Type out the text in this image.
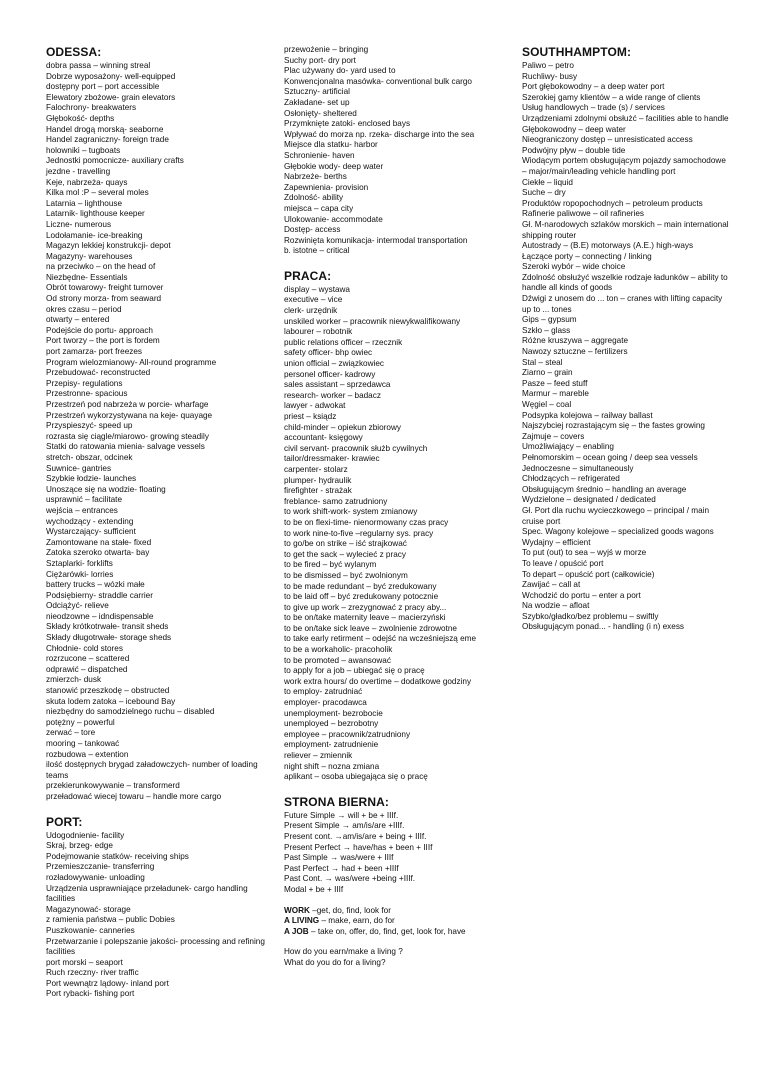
ODESSA:
dobra passa – winning streal
Dobrze wyposażony- well-equipped
dostępny port – port accessible
Elewatory zbożowe- grain elevators
Falochrony- breakwaters
Głębokość- depths
Handel drogą morską- seaborne
Handel zagraniczny- foreign trade
holowniki – tugboats
Jednostki pomocnicze- auxiliary crafts
jezdne - travelling
Keje, nabrzeża- quays
Kilka mol :P – several moles
Latarnia – lighthouse
Latarnik- lighthouse keeper
Liczne- numerous
Lodołamanie- ice-breaking
Magazyn lekkiej konstrukcji- depot
Magazyny- warehouses
na przeciwko – on the head of
Niezbędne- Essentials
Obrót towarowy- freight turnover
Od strony morza- from seaward
okres czasu – period
otwarty – entered
Podejście do portu- approach
Port tworzy – the port is fordem
port zamarza- port freezes
Program wielozmianowy- All-round programme
Przebudować- reconstructed
Przepisy- regulations
Przestronne- spacious
Przestrzeń pod nabrzeża w porcie- wharfage
Przestrzeń wykorzystywana na keje- quayage
Przyspieszyć- speed up
rozrasta się ciągle/miarowo- growing steadily
Statki do ratowania mienia- salvage vessels
stretch- obszar, odcinek
Suwnice- gantries
Szybkie łodzie- launches
Unoszące się na wodzie- floating
usprawnić – facilitate
wejścia – entrances
wychodzący - extending
Wystarczający- sufficient
Zamontowane na stałe- fixed
Zatoka szeroko otwarta- bay
Sztaplarki- forklifts
Ciężarówki- lorries
battery trucks – wózki małe
Podsiębierny- straddle carrier
Odciążyć- relieve
nieodzowne – idndispensable
Składy krótkotrwałe- transit sheds
Składy długotrwałe- storage sheds
Chłodnie- cold stores
rozrzucone – scattered
odprawić – dispatched
zmierzch- dusk
stanowić przeszkodę – obstructed
skuta lodem zatoka – icebound Bay
niezbędny do samodzielnego ruchu – disabled
potężny – powerful
zerwać – tore
mooring – tankować
rozbudowa – extention
ilość dostępnych brygad załadowczych- number of loading teams
przekierunkowywanie – transformerd
przeładować wiecej towaru – handle more cargo
PORT:
Udogodnienie- facility
Skraj, brzeg- edge
Podejmowanie statków- receiving ships
Przemieszczanie- transferring
rozładowywanie- unloading
Urządzenia usprawniające przeładunek- cargo handling facilities
Magazynować- storage
z ramienia państwa – public Dobies
Puszkowanie- canneries
Przetwarzanie i polepszanie jakości- processing and refining facilities
port morski – seaport
Ruch rzeczny- river traffic
Port wewnątrz lądowy- inland port
Port rybacki- fishing port
przewożenie – bringing
Suchy port- dry port
Plac używany do- yard used to
Konwencjonalna masówka- conventional bulk cargo
Sztuczny- artificial
Zakładane- set up
Osłonięty- sheltered
Przymknięte zatoki- enclosed bays
Wpływać do morza np. rzeka- discharge into the sea
Miejsce dla statku- harbor
Schronienie- haven
Głębokie wody- deep water
Nabrzeże- berths
Zapewnienia- provision
Zdolność- ability
miejsca – capa city
Ulokowanie- accommodate
Dostęp- access
Rozwinięta komunikacja- intermodal transportation
b. istotne – critical
PRACA:
display – wystawa
executive – vice
clerk- urzędnik
unskiled worker – pracownik niewykwalifikowany
labourer – robotnik
public relations officer – rzecznik
safety officer- bhp owiec
union official – związkowiec
personel officer- kadrowy
sales assistant – sprzedawca
research- worker – badacz
lawyer - adwokat
priest – ksiądz
child-minder – opiekun zbiorowy
accountant- księgowy
civil servant- pracownik służb cywilnych
tailor/dressmaker- krawiec
carpenter- stolarz
plumper- hydraulik
firefighter - strażak
freblance- samo zatrudniony
to work shift-work- system zmianowy
to be on flexi-time- nienormowany czas pracy
to work nine-to-five –regularny sys. pracy
to go/be on strike – iść strajkować
to get the sack – wylecieć z pracy
to be fired – być wylanym
to be dismissed – być zwolnionym
to be made redundant – być zredukowany
to be laid off – być zredukowany potocznie
to give up work – zrezygnować z pracy aby...
to be on/take maternity leave – macierzyński
to be on/take sick leave – zwolnienie zdrowotne
to take early retirment – odejść na wcześniejszą eme
to be a workaholic- pracoholik
to be promoted – awansować
to apply for a job – ubiegać się o pracę
work extra hours/ do overtime – dodatkowe godziny
to employ- zatrudniać
employer- pracodawca
unemployment- bezrobocie
unemployed – bezrobotny
employee – pracownik/zatrudniony
employment- zatrudnienie
reliever – zmiennik
night shift – nozna zmiana
aplikant – osoba ubiegająca się o pracę
STRONA BIERNA:
Future Simple → will + be + IIIf.
Present Simple → am/is/are +IIIf.
Present cont. →am/is/are + being + IIIf.
Present Perfect → have/has + been + IIIf
Past Simple → was/were + IIIf
Past Perfect → had + been +IIIf
Past Cont. → was/were +being +IIIf.
Modal + be + IIIf
WORK –get, do, find, look for
A LIVING – make, earn, do for
A JOB – take on, offer, do, find, get, look for, have
How do you earn/make a living ?
What do you do for a living?
SOUTHHAMPTOM:
Paliwo – petro
Ruchliwy- busy
Port głębokowodny – a deep water port
Szerokiej gamy klientów – a wide range of clients
Usług handlowych – trade (s) / services
Urządzeniami zdolnymi obsłużć – facilities able to handle
Głębokowodny – deep water
Nieograniczony dostęp – unresisticated access
Podwójny pływ – double tide
Wiodącym portem obsługującym pojazdy samochodowe – major/main/leading vehicle handling port
Ciekłe – liquid
Suche – dry
Produktów ropopochodnych – petroleum products
Rafinerie paliwowe – oil rafineries
Gł. M-narodowych szlaków morskich – main international shipping router
Autostrady – (B.E) motorways (A.E.) high-ways
Łączące porty – connecting / linking
Szeroki wybór – wide choice
Zdolność obsłużyć wszelkie rodzaje ładunków – ability to handle all kinds of goods
Dźwigi z unosem do ... ton – cranes with lifting capacity up to ... tones
Gips – gypsum
Szkło – glass
Różne kruszywa – aggregate
Nawozy sztuczne – fertilizers
Stal – steal
Ziarno – grain
Pasze – feed stuff
Marmur – mareble
Węgiel – coal
Podsypka kolejowa – railway ballast
Najszybciej rozrastającym się – the fastes growing
Zajmuje – covers
Umożliwiający – enabling
Pełnomorskim – ocean going / deep sea vessels
Jednoczesne – simultaneously
Chłodzących – refrigerated
Obsługującym średnio – handling an average
Wydzielone – designated / dedicated
Gł. Port dla ruchu wycieczkowego – principal / main cruise port
Spec. Wagony kolejowe – specialized goods wagons
Wydajny – efficient
To put (out) to sea – wyjś w morze
To leave / opuścić port
To depart – opuścić port (całkowicie)
Zawijać – call at
Wchodzić do portu – enter a port
Na wodzie – afloat
Szybko/gładko/bez problemu – swiftly
Obsługującym ponad... - handling (i n) exess
